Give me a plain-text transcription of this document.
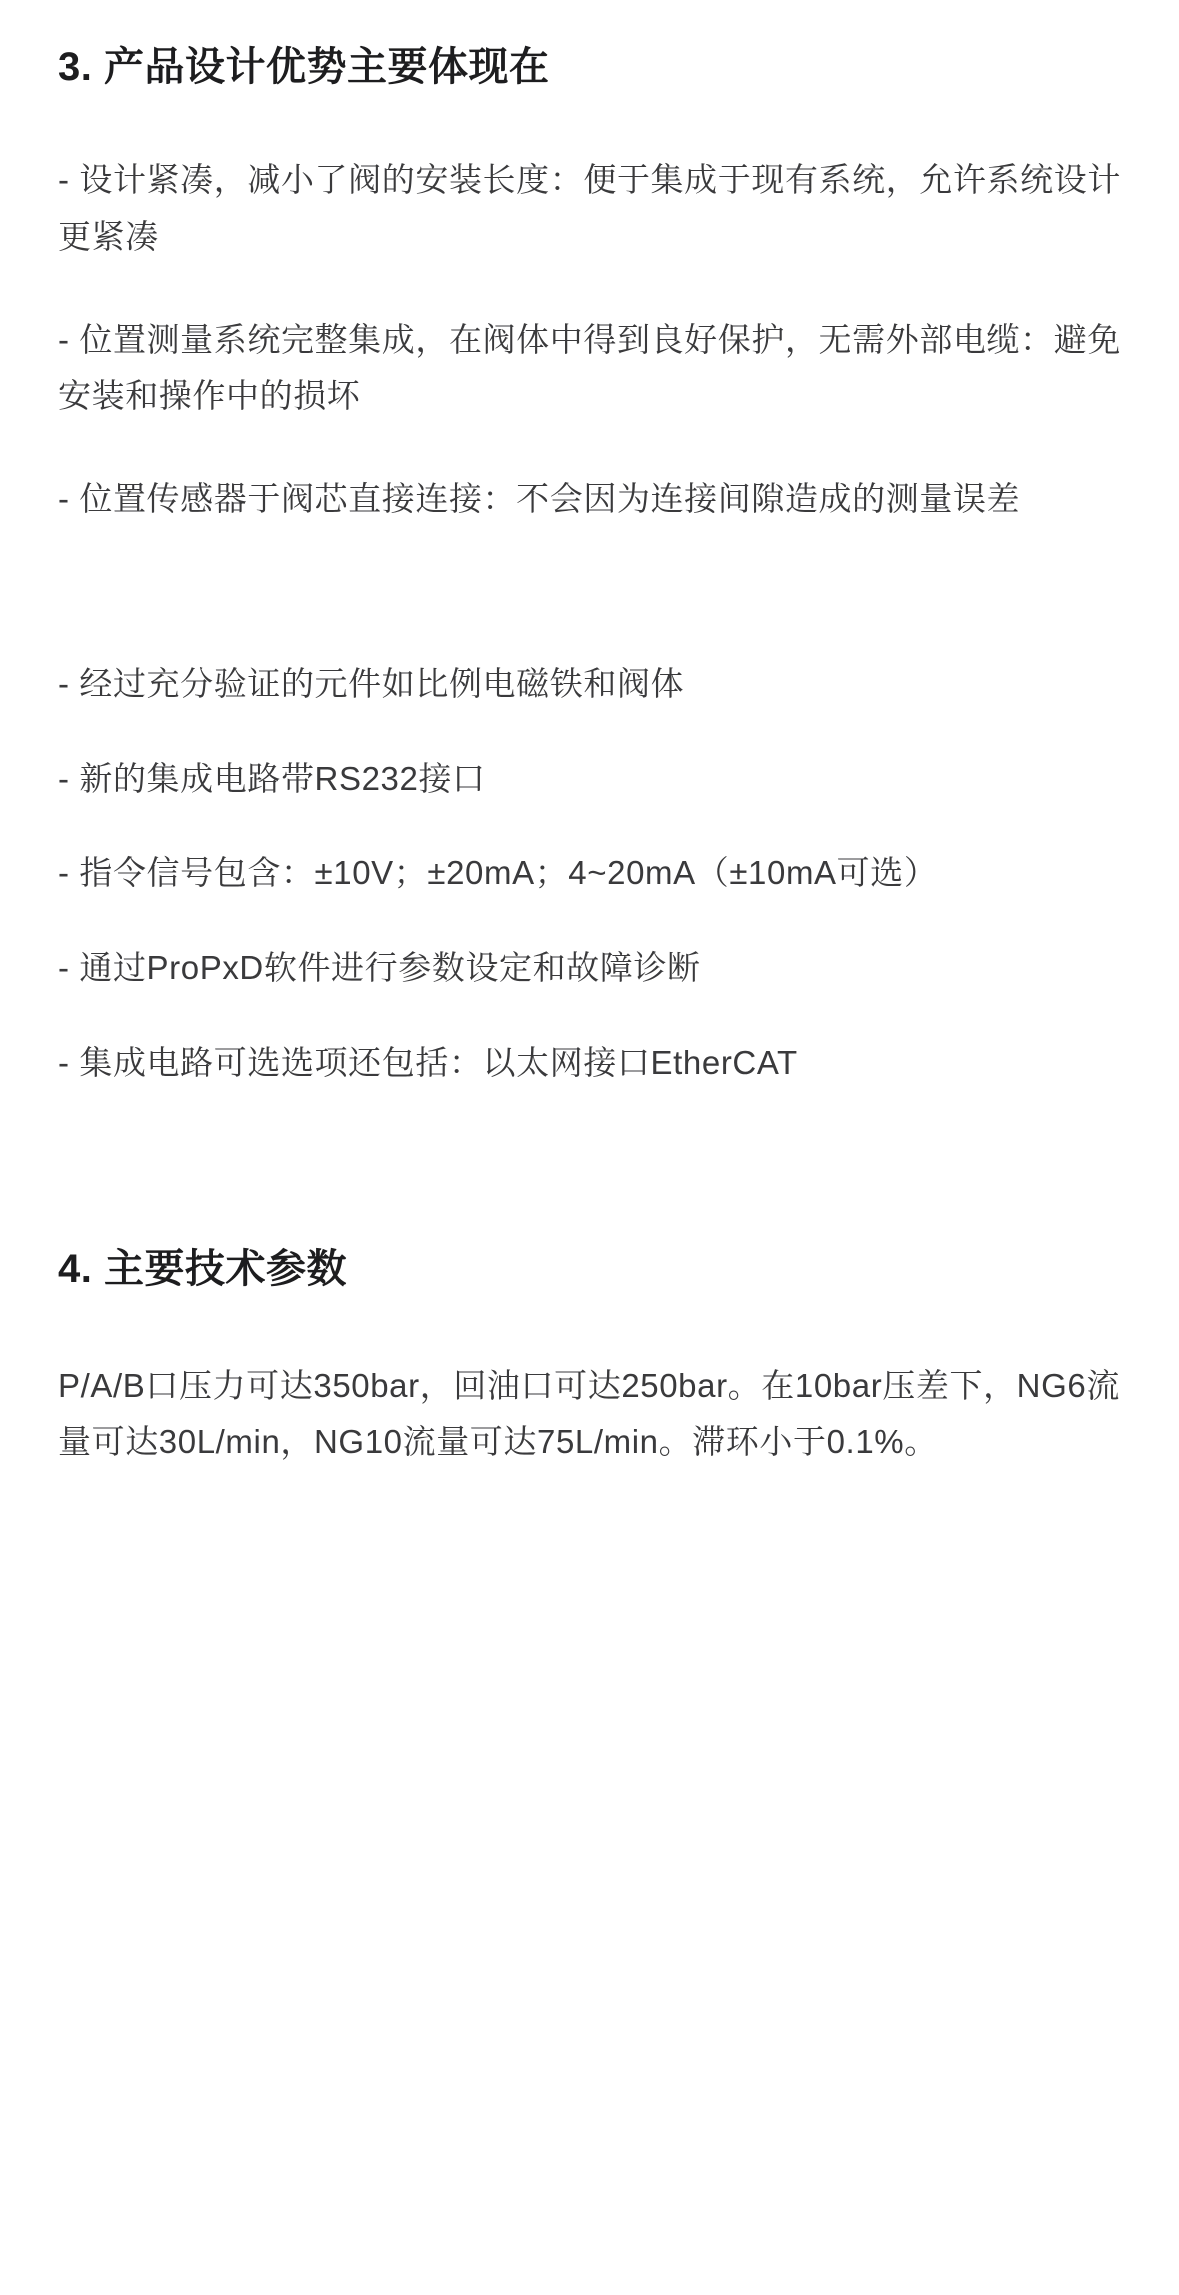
3. 产品设计优势主要体现在

- 设计紧凑，减小了阀的安装长度：便于集成于现有系统，允许系统设计更紧凑

- 位置测量系统完整集成，在阀体中得到良好保护，无需外部电缆：避免安装和操作中的损坏

- 位置传感器于阀芯直接连接：不会因为连接间隙造成的测量误差

- 经过充分验证的元件如比例电磁铁和阀体

- 新的集成电路带RS232接口

- 指令信号包含：±10V；±20mA；4~20mA（±10mA可选）

- 通过ProPxD软件进行参数设定和故障诊断

- 集成电路可选选项还包括：以太网接口EtherCAT

4. 主要技术参数

P/A/B口压力可达350bar，回油口可达250bar。在10bar压差下，NG6流量可达30L/min，NG10流量可达75L/min。滞环小于0.1%。
